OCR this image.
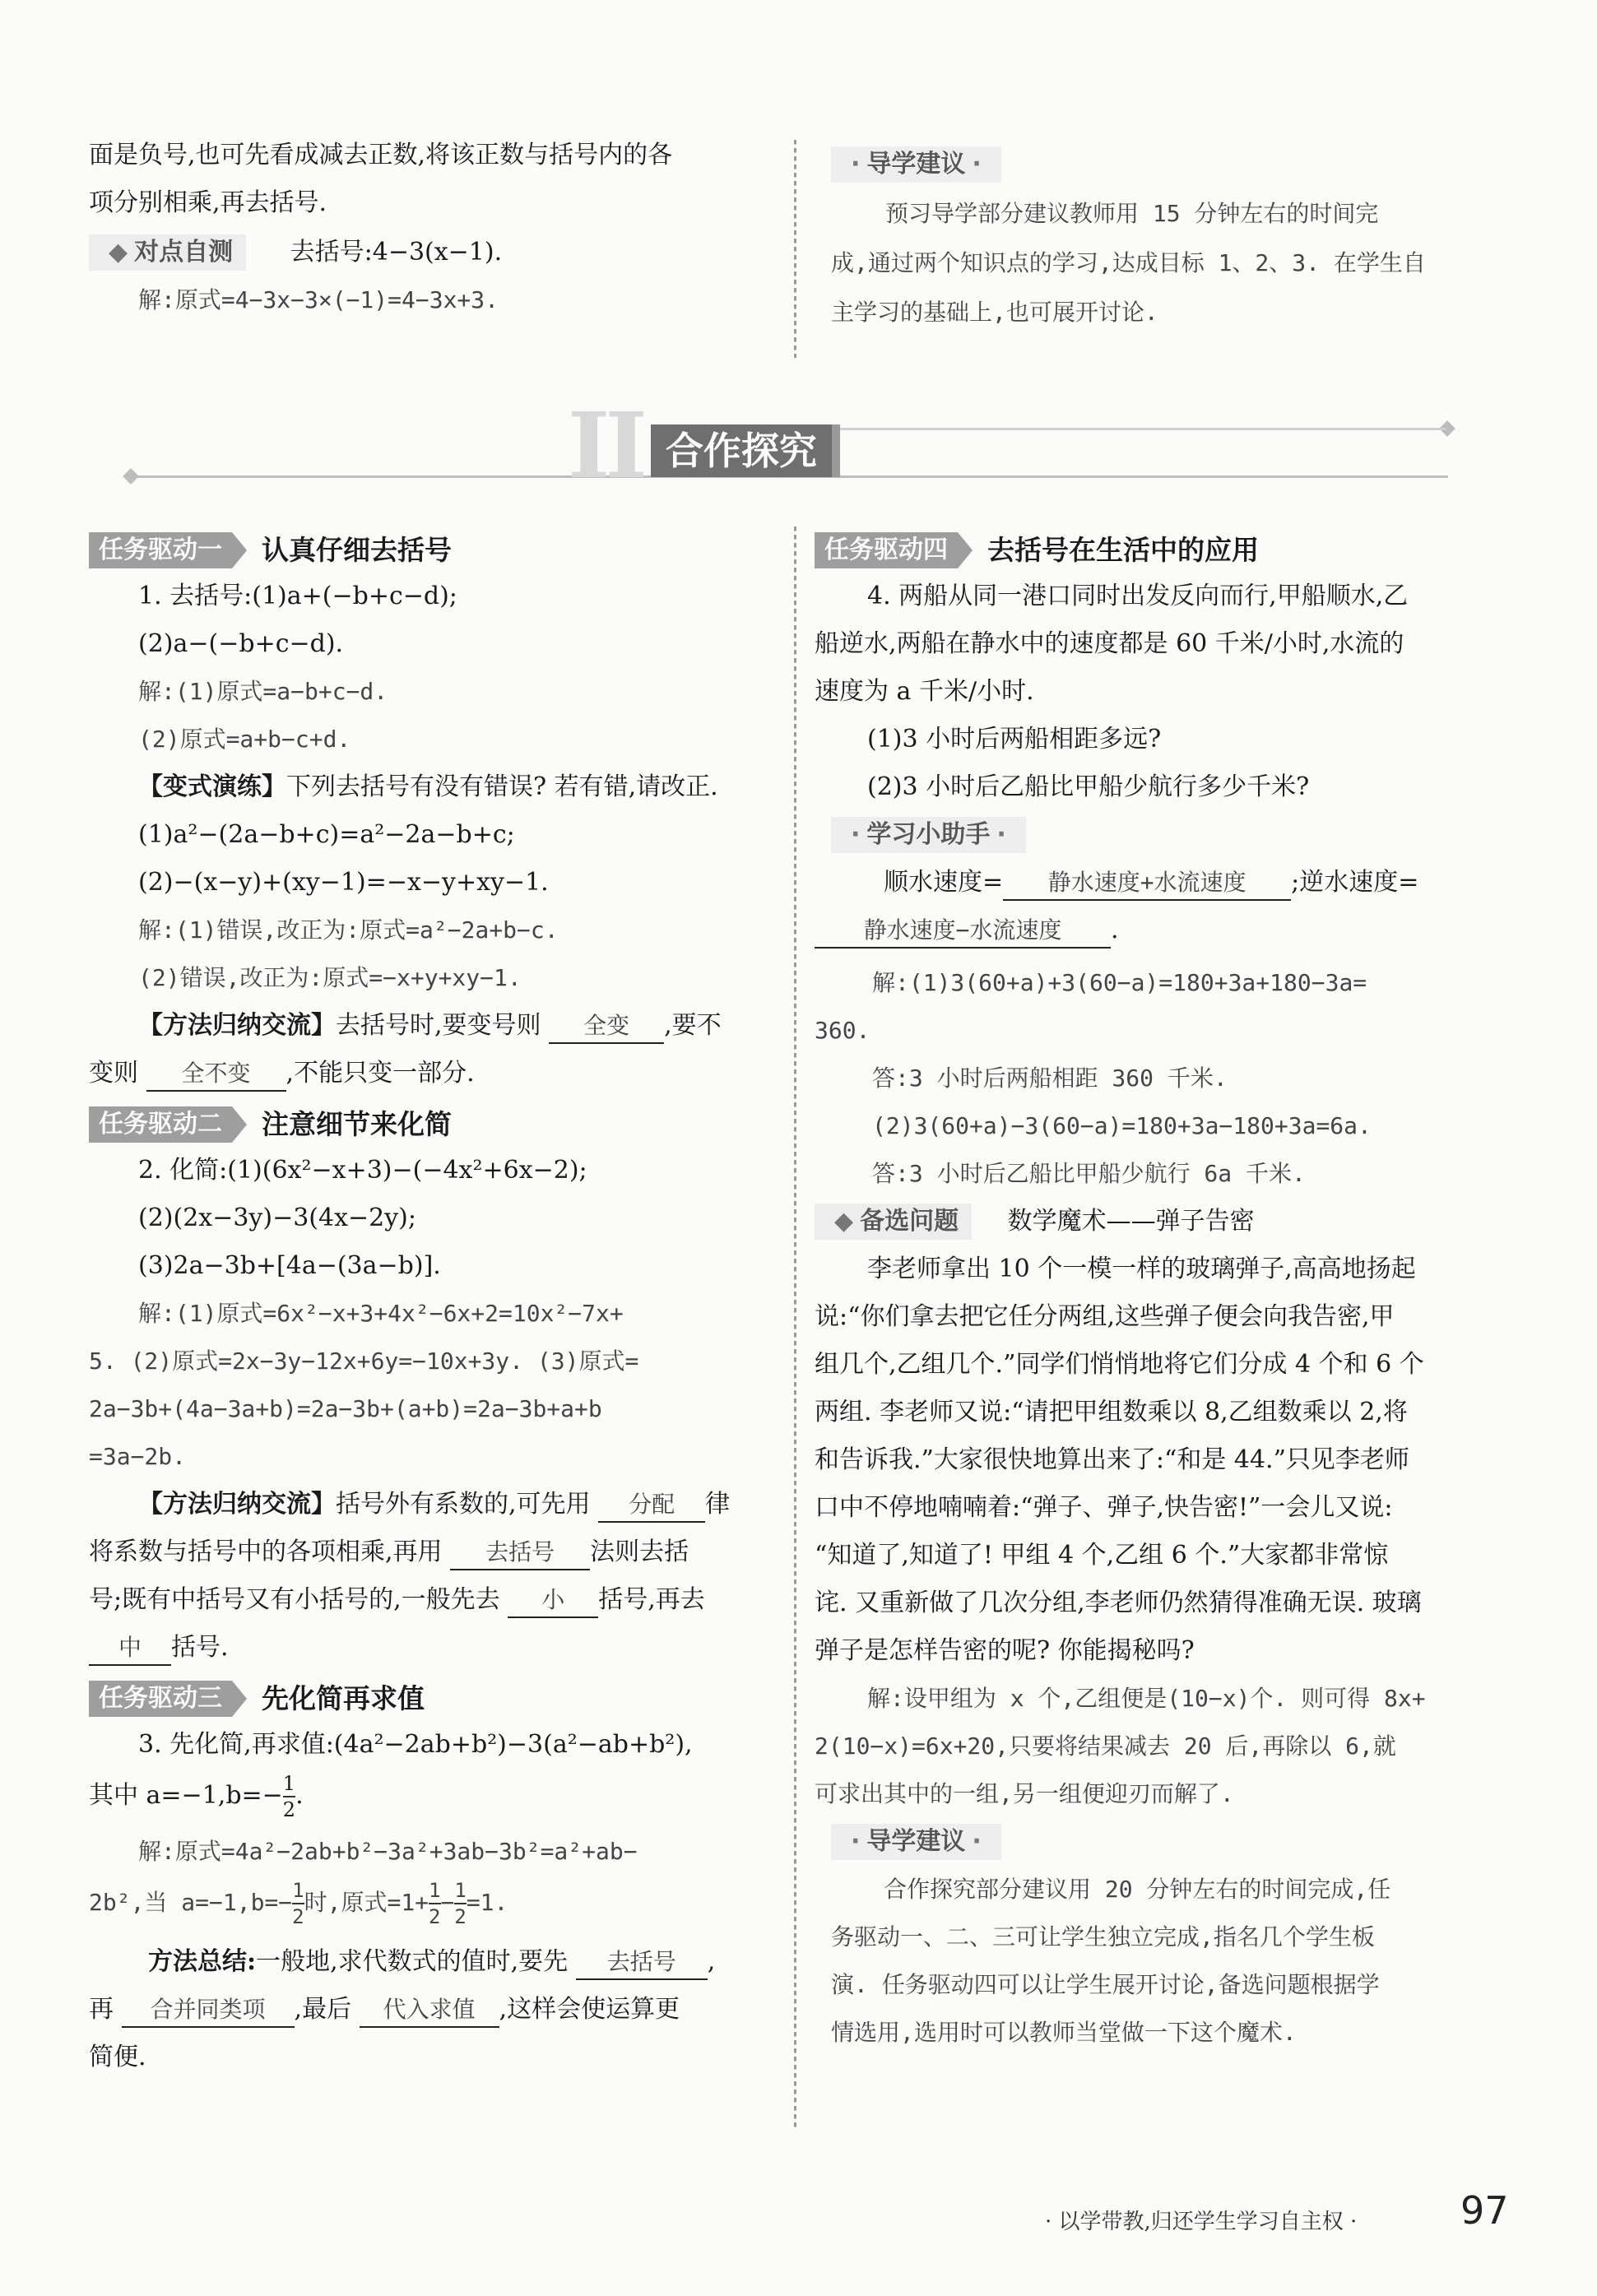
面是负号,也可先看成减去正数,将该正数与括号内的各

项分别相乘,再去括号.

◆ 对点自测 去括号:4−3(x−1).

解:原式=4−3x−3×(−1)=4−3x+3.

· 导学建议 ·

预习导学部分建议教师用 15 分钟左右的时间完

成,通过两个知识点的学习,达成目标 1、2、3. 在学生自

主学习的基础上,也可展开讨论.

II 合作探究
任务驱动一	认真仔细去括号

1. 去括号:(1)a+(−b+c−d);

(2)a−(−b+c−d).

解:(1)原式=a−b+c−d.

(2)原式=a+b−c+d.

【变式演练】下列去括号有没有错误? 若有错,请改正.

(1)a²−(2a−b+c)=a²−2a−b+c;

(2)−(x−y)+(xy−1)=−x−y+xy−1.

解:(1)错误,改正为:原式=a²−2a+b−c.

(2)错误,改正为:原式=−x+y+xy−1.

【方法归纳交流】去括号时,要变号则 全变 ,要不

变则 全不变 ,不能只变一部分.

任务驱动二	注意细节来化简

2. 化简:(1)(6x²−x+3)−(−4x²+6x−2);

(2)(2x−3y)−3(4x−2y);

(3)2a−3b+[4a−(3a−b)].

解:(1)原式=6x²−x+3+4x²−6x+2=10x²−7x+

5. (2)原式=2x−3y−12x+6y=−10x+3y. (3)原式=

2a−3b+(4a−3a+b)=2a−3b+(a+b)=2a−3b+a+b

=3a−2b.

【方法归纳交流】括号外有系数的,可先用 分配 律

将系数与括号中的各项相乘,再用 去括号 法则去括

号;既有中括号又有小括号的,一般先去 小 括号,再去

中 括号.

任务驱动三	先化简再求值

3. 先化简,再求值:(4a²−2ab+b²)−3(a²−ab+b²),

其中 $a=-1,b=- \frac{1}{2}$ .

解:原式=4a²−2ab+b²−3a²+3ab−3b²=a²+ab−

2b²,当 $a=-1,b=- \frac{1}{2}$ 时,原式$=1+ \frac{1}{2} - \frac{1}{2} =1$.

方法总结:一般地,求代数式的值时,要先 去括号 ,

再 合并同类项 ,最后 代入求值 ,这样会使运算更

简便.

任务驱动四	去括号在生活中的应用

4. 两船从同一港口同时出发反向而行,甲船顺水,乙

船逆水,两船在静水中的速度都是 60 千米/小时,水流的

速度为 a 千米/小时.

(1)3 小时后两船相距多远?

(2)3 小时后乙船比甲船少航行多少千米?

· 学习小助手 ·

顺水速度= 静水速度+水流速度 ;逆水速度=

静水速度−水流速度 .

解:(1)3(60+a)+3(60−a)=180+3a+180−3a=

360.

答:3 小时后两船相距 360 千米.

(2)3(60+a)−3(60−a)=180+3a−180+3a=6a.

答:3 小时后乙船比甲船少航行 6a 千米.

◆ 备选问题 数学魔术——弹子告密

李老师拿出 10 个一模一样的玻璃弹子,高高地扬起

说:“你们拿去把它任分两组,这些弹子便会向我告密,甲

组几个,乙组几个.”同学们悄悄地将它们分成 4 个和 6 个

两组. 李老师又说:“请把甲组数乘以 8,乙组数乘以 2,将

和告诉我.”大家很快地算出来了:“和是 44.”只见李老师

口中不停地喃喃着:“弹子、弹子,快告密!”一会儿又说:

“知道了,知道了! 甲组 4 个,乙组 6 个.”大家都非常惊

诧. 又重新做了几次分组,李老师仍然猜得准确无误. 玻璃

弹子是怎样告密的呢? 你能揭秘吗?

解:设甲组为 x 个,乙组便是(10−x)个. 则可得 8x+

2(10−x)=6x+20,只要将结果减去 20 后,再除以 6,就

可求出其中的一组,另一组便迎刃而解了.

· 导学建议 ·

合作探究部分建议用 20 分钟左右的时间完成,任

务驱动一、二、三可让学生独立完成,指名几个学生板

演. 任务驱动四可以让学生展开讨论,备选问题根据学

情选用,选用时可以教师当堂做一下这个魔术.

· 以学带教,归还学生学习自主权 ·	97
